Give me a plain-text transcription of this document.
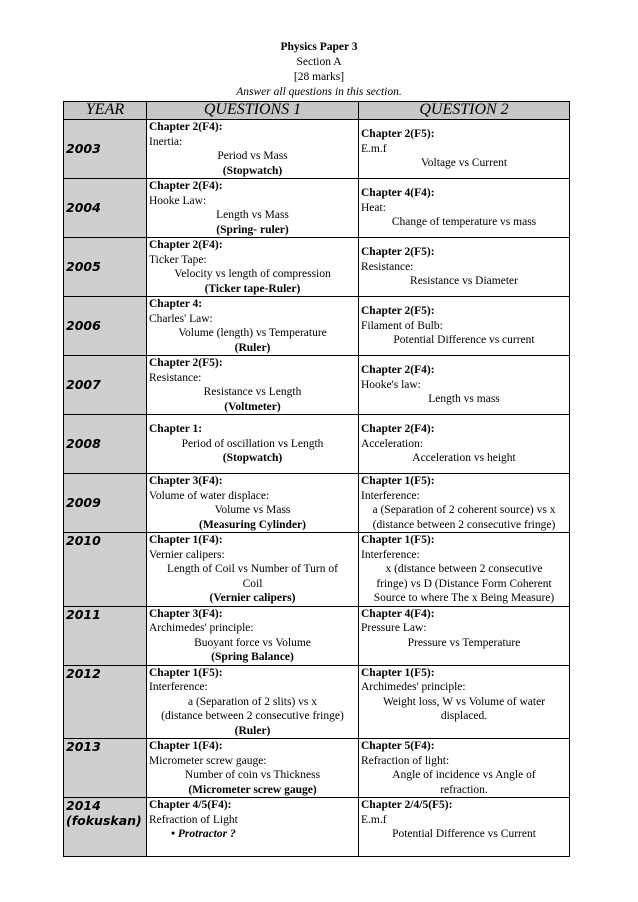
Physics Paper 3
Section A
[28 marks]
Answer all questions in this section.
YEAR	QUESTIONS 1	QUESTION 2

2003	Chapter 2(F4):
Inertia:
Period vs Mass
(Stopwatch)	Chapter 2(F5):
E.m.f
Voltage vs Current

2004	Chapter 2(F4):
Hooke Law:
Length vs Mass
(Spring- ruler)	Chapter 4(F4):
Heat:
Change of temperature vs mass

2005	Chapter 2(F4):
Ticker Tape:
Velocity vs length of compression
(Ticker tape-Ruler)	Chapter 2(F5):
Resistance:
Resistance vs Diameter

2006	Chapter 4:
Charles' Law:
Volume (length) vs Temperature
(Ruler)	Chapter 2(F5):
Filament of Bulb:
Potential Difference vs current

2007	Chapter 2(F5):
Resistance:
Resistance vs Length
(Voltmeter)	Chapter 2(F4):
Hooke's law:
Length vs mass

2008	Chapter 1:
Period of oscillation vs Length
(Stopwatch)	Chapter 2(F4):
Acceleration:
Acceleration vs height

2009	Chapter 3(F4):
Volume of water displace:
Volume vs Mass
(Measuring Cylinder)	Chapter 1(F5):
Interference:
a (Separation of 2 coherent source) vs x
(distance between 2 consecutive fringe)

2010	Chapter 1(F4):
Vernier calipers:
Length of Coil vs Number of Turn of
Coil
(Vernier calipers)	Chapter 1(F5):
Interference:
x (distance between 2 consecutive
fringe) vs D (Distance Form Coherent
Source to where The x Being Measure)

2011	Chapter 3(F4):
Archimedes' principle:
Buoyant force vs Volume
(Spring Balance)	Chapter 4(F4):
Pressure Law:
Pressure vs Temperature

2012	Chapter 1(F5):
Interference:
a (Separation of 2 slits) vs x
(distance between 2 consecutive fringe)
(Ruler)	Chapter 1(F5):
Archimedes' principle:
Weight loss, W vs Volume of water
displaced.

2013	Chapter 1(F4):
Micrometer screw gauge:
Number of coin vs Thickness
(Micrometer screw gauge)	Chapter 5(F4):
Refraction of light:
Angle of incidence vs Angle of
refraction.

2014
(fokuskan)	Chapter 4/5(F4):
Refraction of Light
• Protractor ?	Chapter 2/4/5(F5):
E.m.f
Potential Difference vs Current
